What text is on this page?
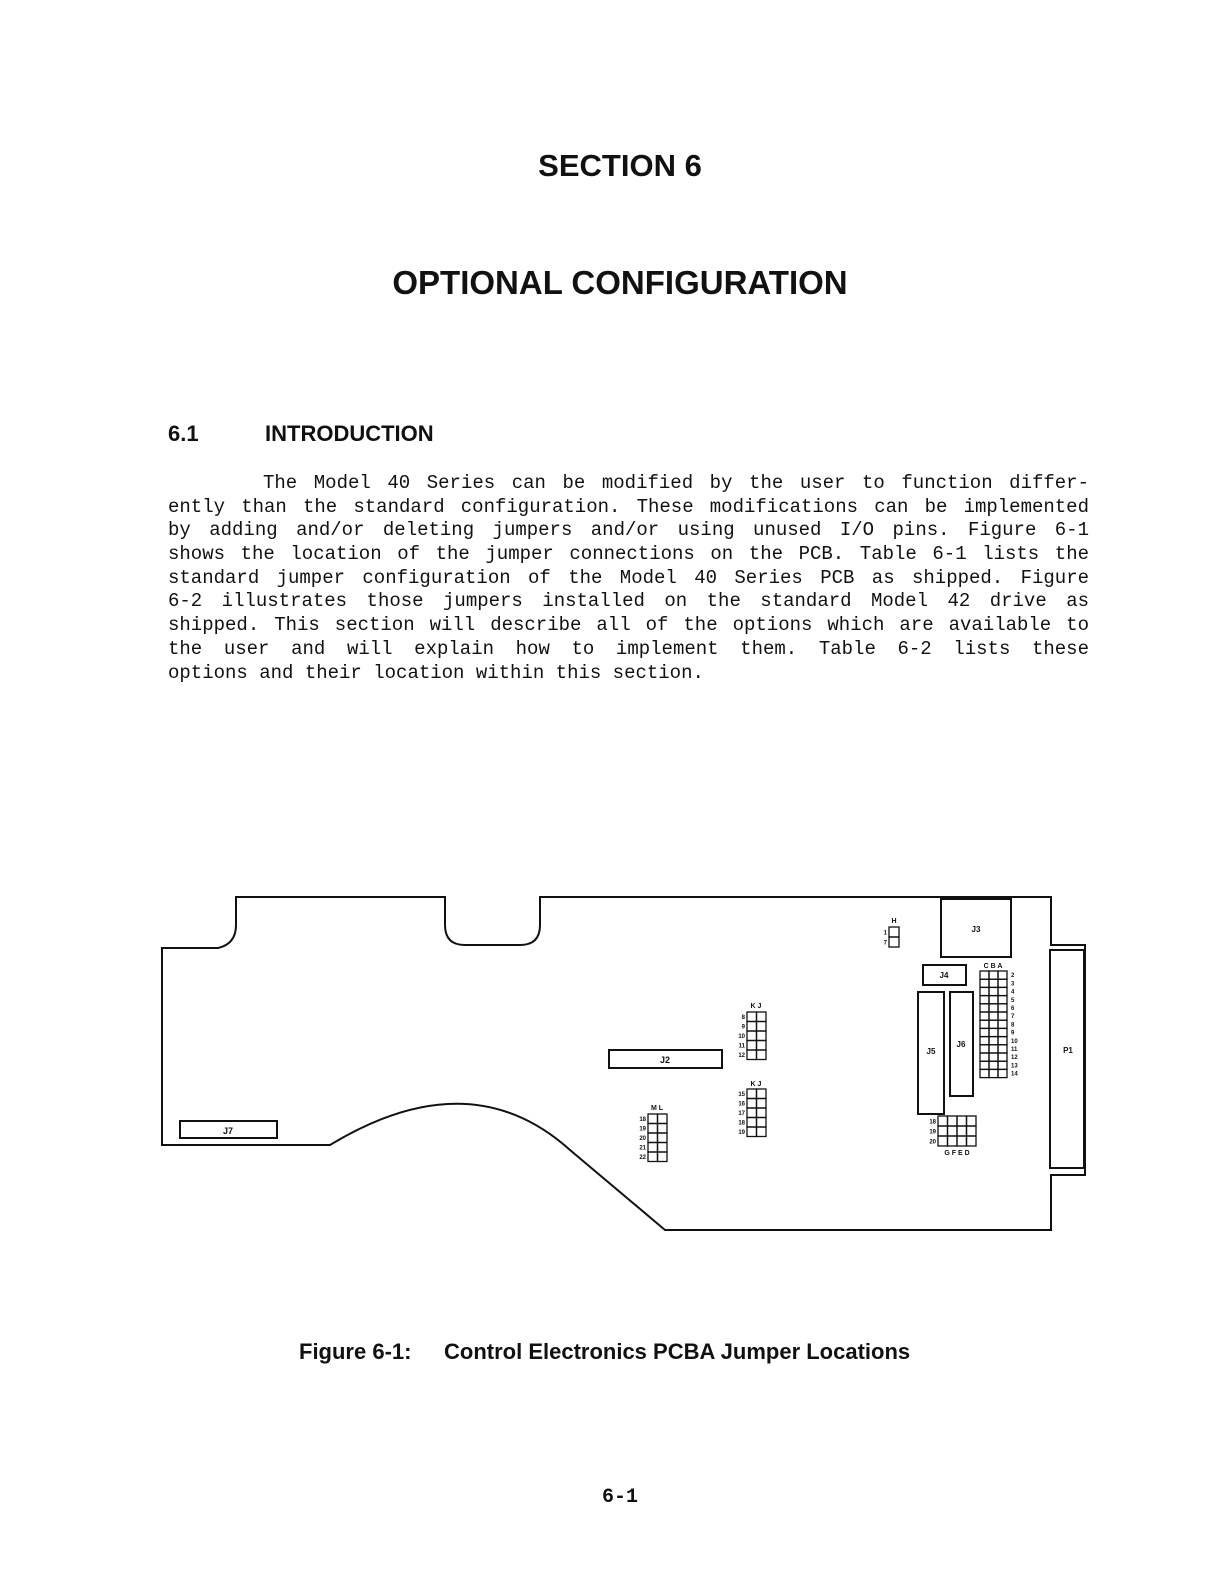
SECTION 6
OPTIONAL CONFIGURATION
6.1	INTRODUCTION
The Model 40 Series can be modified by the user to function differ-
ently than the standard configuration. These modifications can be implemented
by adding and/or deleting jumpers and/or using unused I/O pins. Figure 6-1
shows the location of the jumper connections on the PCB. Table 6-1 lists the
standard jumper configuration of the Model 40 Series PCB as shipped. Figure
6-2 illustrates those jumpers installed on the standard Model 42 drive as
shipped. This section will describe all of the options which are available to
the user and will explain how to implement them. Table 6-2 lists these
options and their location within this section.
J7
J2
J3
J4
J5
J6
P1
1
7
H
2
3
4
5
6
7
8
9
10
11
12
13
14
C B A
8
9
10
11
12
K J
15
16
17
18
19
K J
18
19
20
21
22
M L
18
19
20
G F E D
Figure 6-1: Control Electronics PCBA Jumper Locations
6-1
